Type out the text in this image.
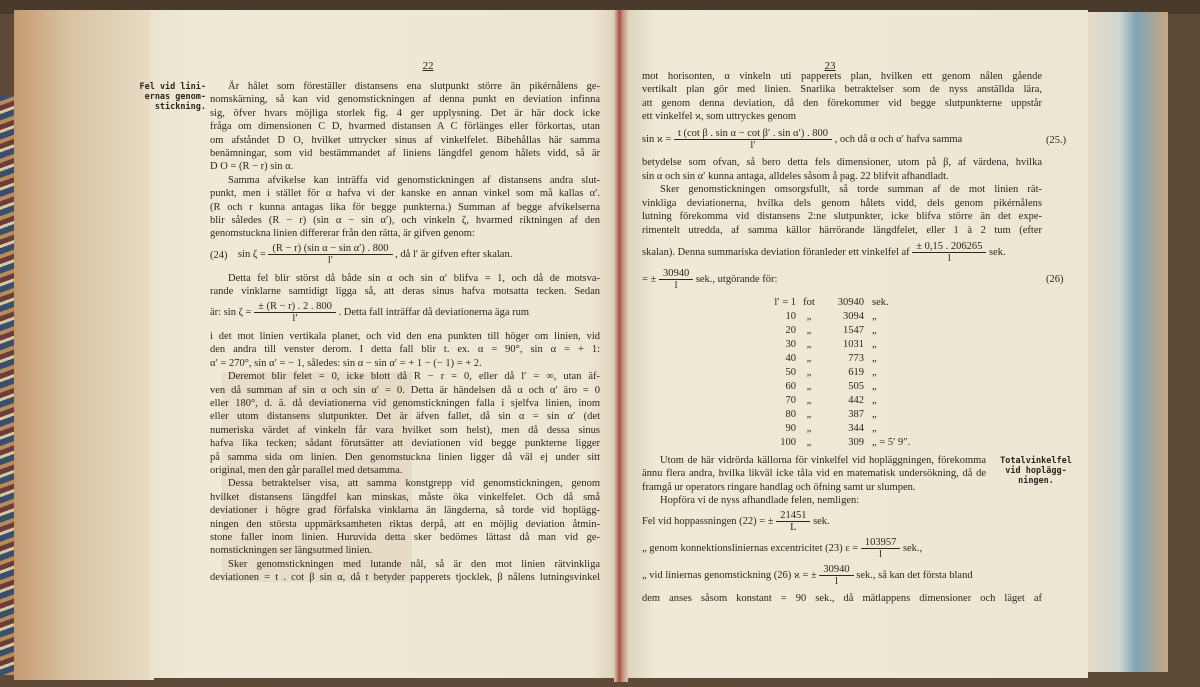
22
Fel vid lini-
ernas genom-
stickning.
Är hålet som föreställer distansens ena slutpunkt större än pikérnålens ge-
nomskärning, så kan vid genomstickningen af denna punkt en deviation infinna
sig, öfver hvars möjliga storlek fig. 4 ger upplysning. Det är här dock icke
fråga om dimensionen C D, hvarmed distansen A C förlänges eller förkortas, utan
om afståndet D O, hvilket uttrycker sinus af vinkelfelet. Bibehållas här samma
benämningar, som vid bestämmandet af liniens längdfel genom hålets vidd, så är
D O = (R − r) sin α.
Samma afvikelse kan inträffa vid genomstickningen af distansens andra slut-
punkt, men i stället för α hafva vi der kanske en annan vinkel som må kallas α′.
(R och r kunna antagas lika för begge punkterna.) Summan af begge afvikelserna
blir således (R − r) (sin α − sin α′), och vinkeln ζ, hvarmed riktningen af den
genomstuckna linien differerar från den rätta, är gifven genom:
(24) $\sin \zeta = \frac{\text{(R − r) (sin α − sin α′) . 800}}{l'}$ , då l′ är gifven efter skalan.
Detta fel blir störst då både sin α och sin α′ blifva = 1, och då de motsva-
rande vinklarne samtidigt ligga så, att deras sinus hafva motsatta tecken. Sedan
är: $\sin \zeta = \frac{\pm (R - r) . 2 . 800}{l'}$ . Detta fall inträffar då deviationerna äga rum
i det mot linien vertikala planet, och vid den ena punkten till höger om linien, vid
den andra till venster derom. I detta fall blir t. ex. α = 90°, sin α = + 1:
α′ = 270°, sin α′ = − 1, således: sin α − sin α′ = + 1 − (− 1) = + 2.
Deremot blir felet = 0, icke blott då R − r = 0, eller då l′ = ∞, utan äf-
ven då summan af sin α och sin α′ = 0. Detta är händelsen då α och α′ äro = 0
eller 180°, d. ä. då deviationerna vid genomstickningen falla i sjelfva linien, inom
eller utom distansens slutpunkter. Det är äfven fallet, då sin α = sin α′ (det
numeriska värdet af vinkeln får vara hvilket som helst), men då dessa sinus
hafva lika tecken; sådant förutsätter att deviationen vid begge punkterne ligger
på samma sida om linien. Den genomstuckna linien ligger då väl ej under sitt
original, men den går parallel med detsamma.
Dessa betraktelser visa, att samma konstgrepp vid genomstickningen, genom
hvilket distansens längdfel kan minskas, måste öka vinkelfelet. Och då små
deviationer i högre grad förfalska vinklarna än längderna, så torde vid hoplägg-
ningen den största uppmärksamheten riktas derpå, att en möjlig deviation åtmin-
stone faller inom linien. Huruvida detta sker bedömes lättast då man vid ge-
nomstickningen ser längsutmed linien.
Sker genomstickningen med lutande nål, så är den mot linien rätvinkliga
deviationen = t . cot β sin α, då t betyder papperets tjocklek, β nålens lutningsvinkel
23
Totalvinkelfel
vid hoplägg-
ningen.
mot horisonten, α vinkeln uti papperets plan, hvilken ett genom nålen gående
vertikalt plan gör med linien. Snarlika betraktelser som de nyss anställda lära,
att genom denna deviation, då den förekommer vid begge slutpunkterne uppstår
ett vinkelfel ϰ, som uttryckes genom
$\sin ϰ = \frac{\text{t (cot β . sin α − cot β′ . sin α′) . 800}}{l'}$ , och då α och α′ hafva samma	(25.)
betydelse som ofvan, så bero detta fels dimensioner, utom på β, af värdena, hvilka
sin α och sin α′ kunna antaga, alldeles såsom å pag. 22 blifvit afhandladt.
Sker genomstickningen omsorgsfullt, så torde summan af de mot linien rät-
vinkliga deviationerna, hvilka dels genom hålets vidd, dels genom pikérnålens
lutning förekomma vid distansens 2:ne slutpunkter, icke blifva större än det expe-
rimentelt utredda, af samma källor härrörande längdfelet, eller 1 à 2 tum (efter
skalan). Denna summariska deviation föranleder ett vinkelfel af $\frac{\pm 0,15 . 206265}{l}$ sek.
= ± $\frac{30940}{l}$ sek., utgörande för:	(26)
l′ = 1 fot	30940 sek.
10	„	3094 „
20	„	1547 „
30	„	1031 „
40	„	773 „
50	„	619 „
60	„	505 „
70	„	442 „
80	„	387 „
90	„	344 „
100	„	309 „ = 5′ 9″.
Utom de här vidrörda källorna för vinkelfel vid hopläggningen, förekomma
ännu flera andra, hvilka likväl icke tåla vid en matematisk undersökning, då de
framgå ur operators ringare handlag och öfning samt ur slumpen.
Hopföra vi de nyss afhandlade felen, nemligen:
Fel vid hoppassningen (22) = ± $\frac{21451}{L}$ sek.
„ genom konnektionsliniernas excentricitet (23) $\varepsilon = \frac{103957}{l}$ sek.,
„ vid liniernas genomstickning (26) ϰ = ± $\frac{30940}{l}$ sek., så kan det första bland
dem anses såsom konstant = 90 sek., då mätlappens dimensioner och läget af
